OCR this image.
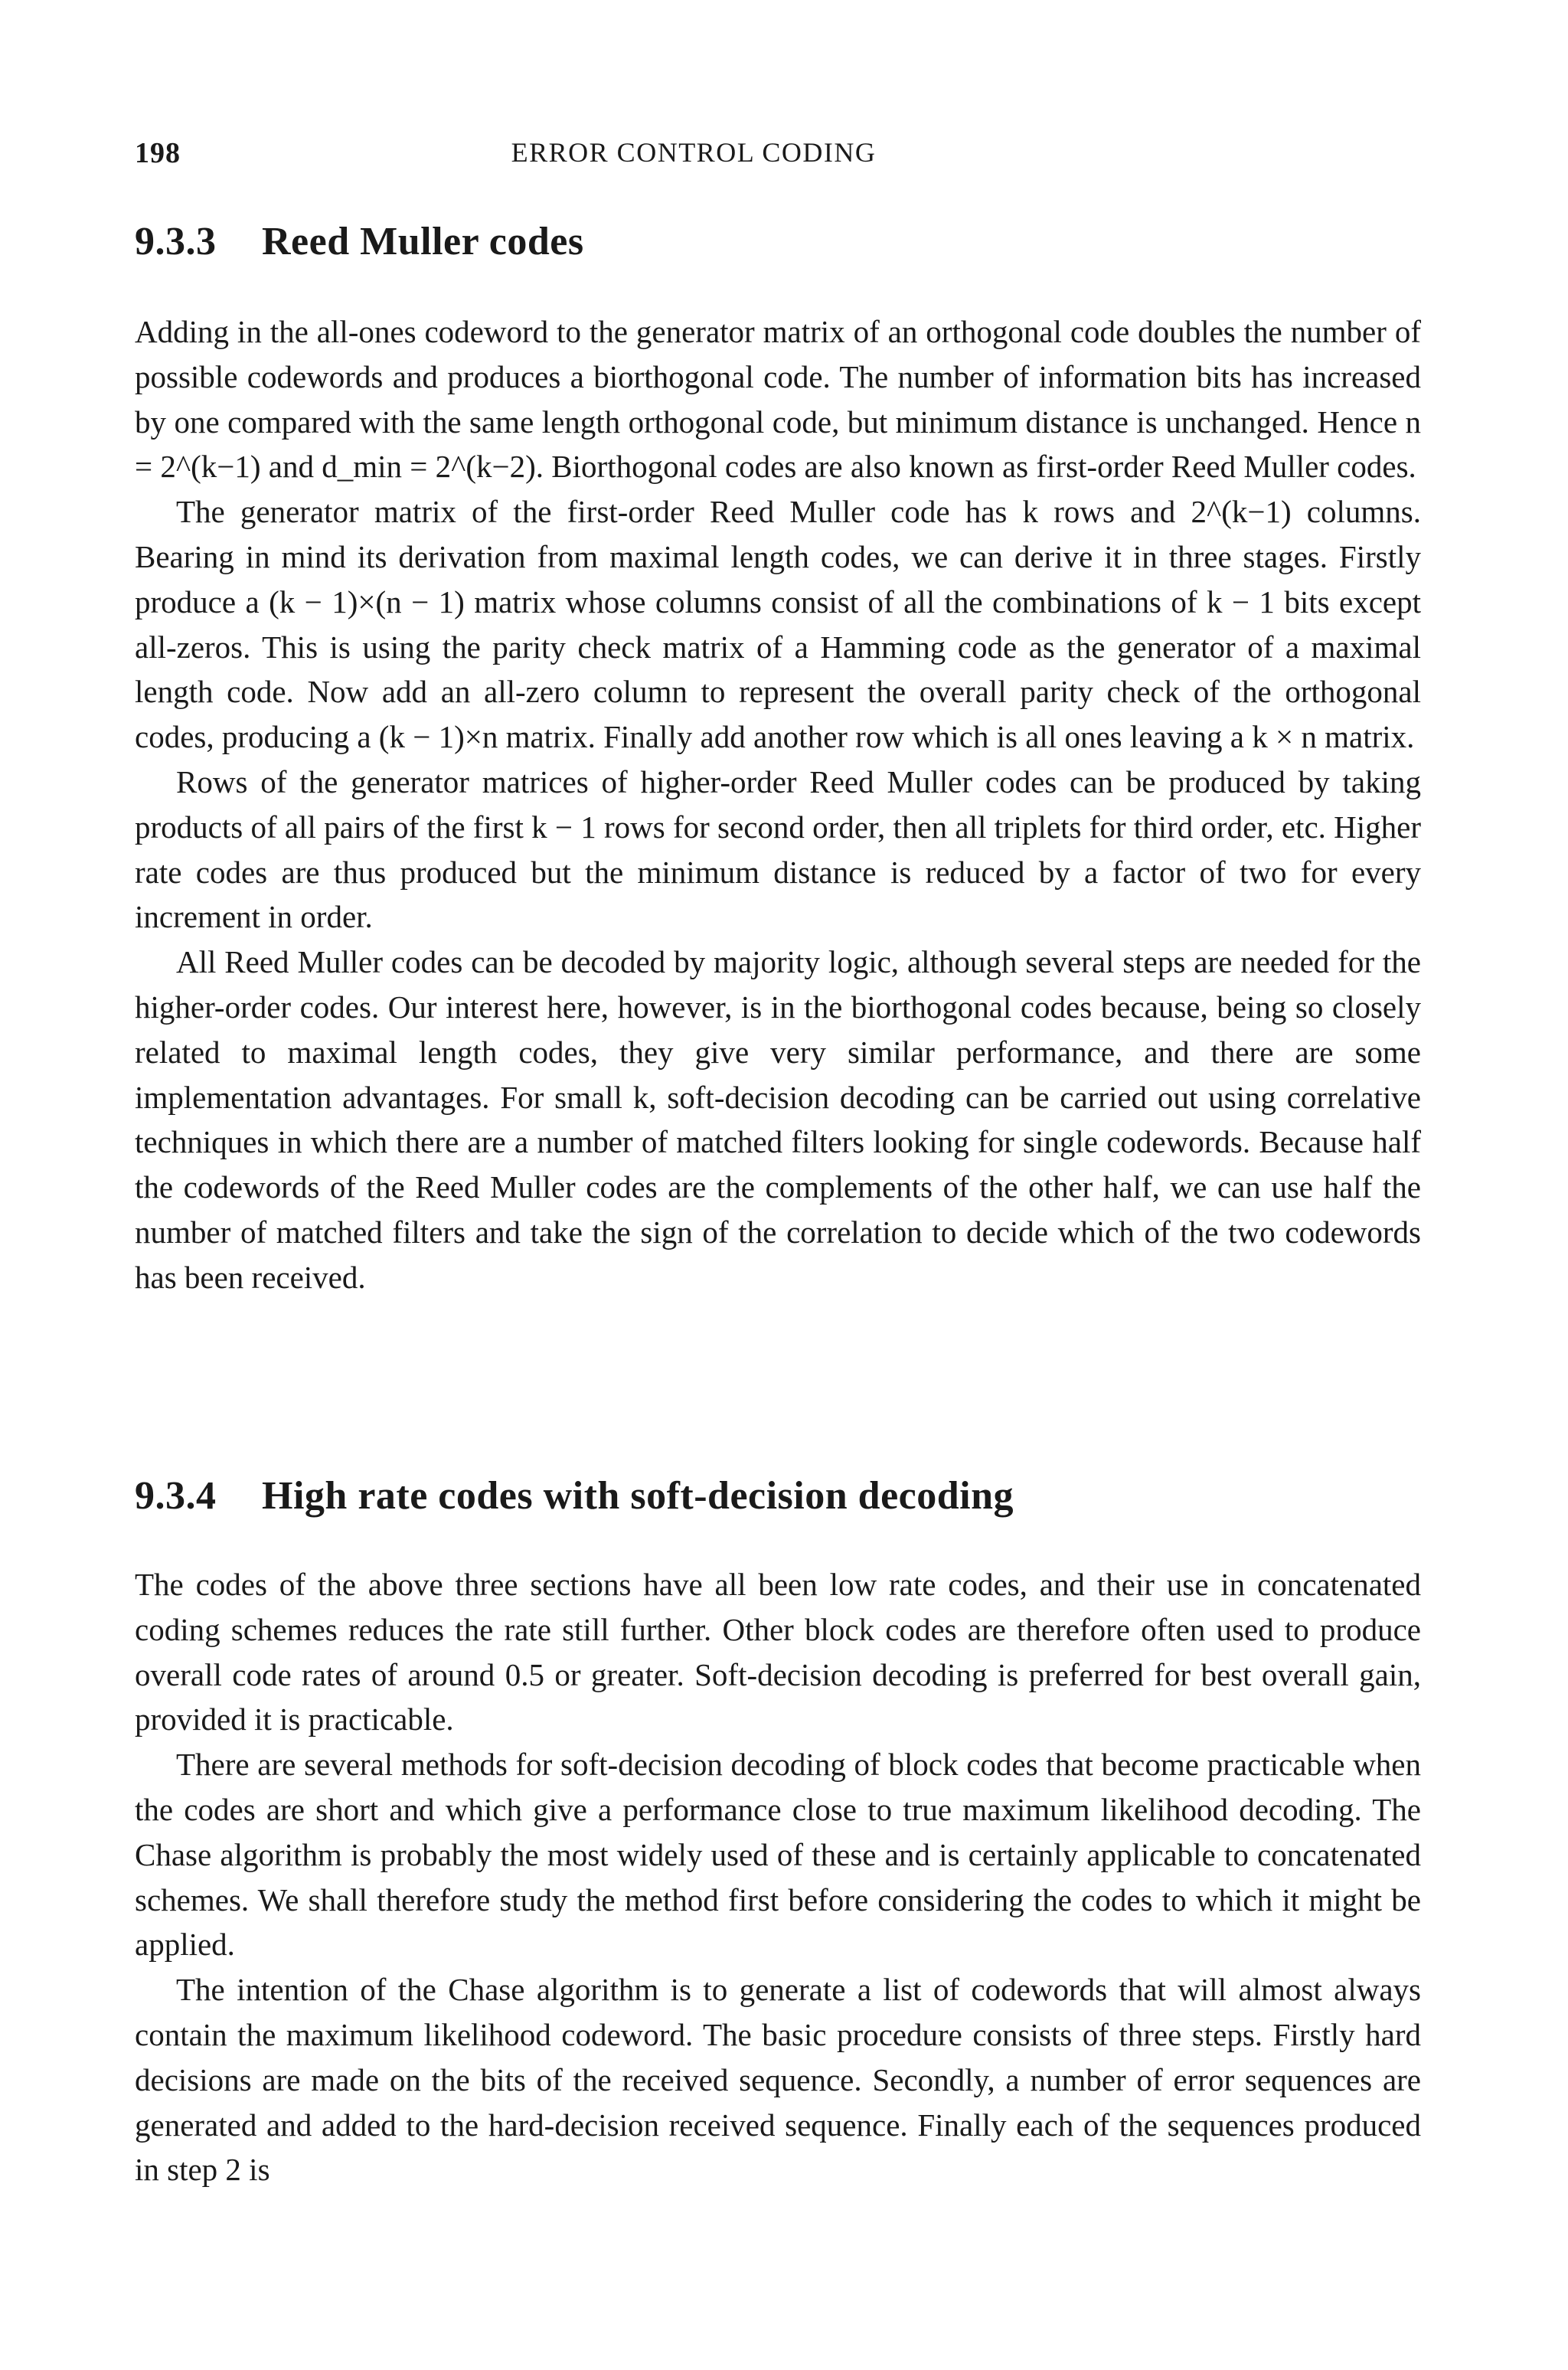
198	ERROR CONTROL CODING
9.3.3 Reed Muller codes

Adding in the all-ones codeword to the generator matrix of an orthogonal code doubles the number of possible codewords and produces a biorthogonal code. The number of information bits has increased by one compared with the same length orthogonal code, but minimum distance is unchanged. Hence n = 2^(k−1) and d_min = 2^(k−2). Biorthogonal codes are also known as first-order Reed Muller codes.

The generator matrix of the first-order Reed Muller code has k rows and 2^(k−1) columns. Bearing in mind its derivation from maximal length codes, we can derive it in three stages. Firstly produce a (k − 1)×(n − 1) matrix whose columns consist of all the combinations of k − 1 bits except all-zeros. This is using the parity check matrix of a Hamming code as the generator of a maximal length code. Now add an all-zero column to represent the overall parity check of the orthogonal codes, producing a (k − 1)×n matrix. Finally add another row which is all ones leaving a k × n matrix.

Rows of the generator matrices of higher-order Reed Muller codes can be produced by taking products of all pairs of the first k − 1 rows for second order, then all triplets for third order, etc. Higher rate codes are thus produced but the minimum distance is reduced by a factor of two for every increment in order.

All Reed Muller codes can be decoded by majority logic, although several steps are needed for the higher-order codes. Our interest here, however, is in the biorthogonal codes because, being so closely related to maximal length codes, they give very similar performance, and there are some implementation advantages. For small k, soft-decision decoding can be carried out using correlative techniques in which there are a number of matched filters looking for single codewords. Because half the codewords of the Reed Muller codes are the complements of the other half, we can use half the number of matched filters and take the sign of the correlation to decide which of the two codewords has been received.

9.3.4 High rate codes with soft-decision decoding

The codes of the above three sections have all been low rate codes, and their use in concatenated coding schemes reduces the rate still further. Other block codes are therefore often used to produce overall code rates of around 0.5 or greater. Soft-decision decoding is preferred for best overall gain, provided it is practicable.

There are several methods for soft-decision decoding of block codes that become practicable when the codes are short and which give a performance close to true maximum likelihood decoding. The Chase algorithm is probably the most widely used of these and is certainly applicable to concatenated schemes. We shall therefore study the method first before considering the codes to which it might be applied.

The intention of the Chase algorithm is to generate a list of codewords that will almost always contain the maximum likelihood codeword. The basic procedure consists of three steps. Firstly hard decisions are made on the bits of the received sequence. Secondly, a number of error sequences are generated and added to the hard-decision received sequence. Finally each of the sequences produced in step 2 is
